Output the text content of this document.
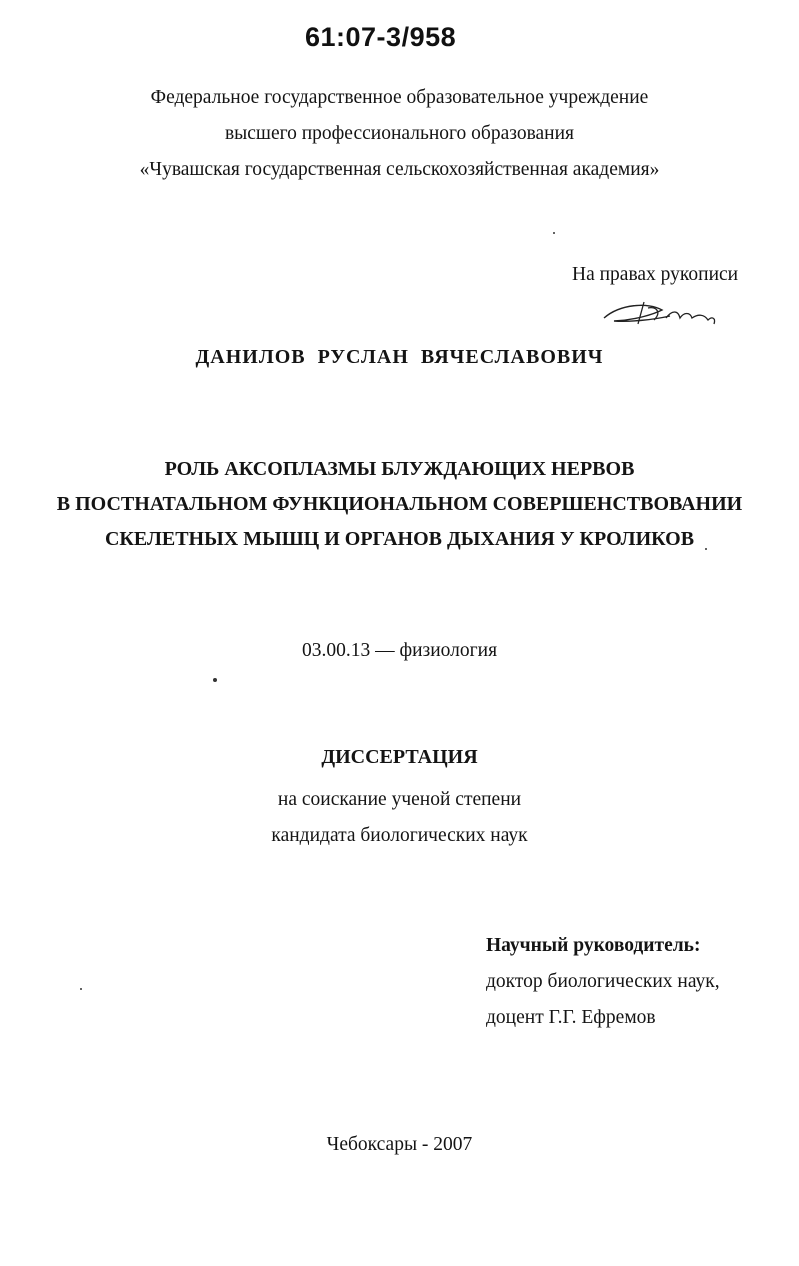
61:07-3/958
Федеральное государственное образовательное учреждение
высшего профессионального образования
«Чувашская государственная сельскохозяйственная академия»
На правах рукописи
ДАНИЛОВ РУСЛАН ВЯЧЕСЛАВОВИЧ
РОЛЬ АКСОПЛАЗМЫ БЛУЖДАЮЩИХ НЕРВОВ
В ПОСТНАТАЛЬНОМ ФУНКЦИОНАЛЬНОМ СОВЕРШЕНСТВОВАНИИ
СКЕЛЕТНЫХ МЫШЦ И ОРГАНОВ ДЫХАНИЯ У КРОЛИКОВ
03.00.13 — физиология
ДИССЕРТАЦИЯ
на соискание ученой степени
кандидата биологических наук
Научный руководитель:
доктор биологических наук,
доцент Г.Г. Ефремов
Чебоксары - 2007
